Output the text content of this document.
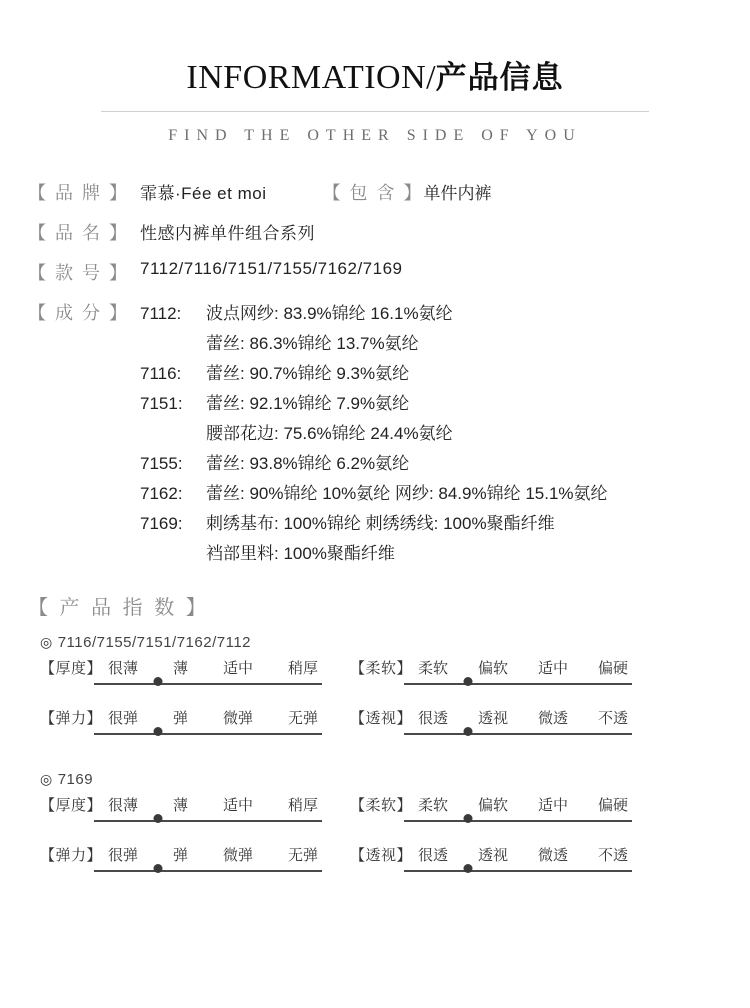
INFORMATION/产品信息
FIND THE OTHER SIDE OF YOU
【 品 牌 】 霏慕·Fée et moi	【 包 含 】 单件内裤
【 品 名 】 性感内裤单件组合系列
【 款 号 】 7112/7116/7151/7155/7162/7169
【 成 分 】 7112:	波点网纱: 83.9%锦纶 16.1%氨纶
蕾丝: 86.3%锦纶 13.7%氨纶
7116:	蕾丝: 90.7%锦纶 9.3%氨纶
7151:	蕾丝: 92.1%锦纶 7.9%氨纶
腰部花边: 75.6%锦纶 24.4%氨纶
7155:	蕾丝: 93.8%锦纶 6.2%氨纶
7162:	蕾丝: 90%锦纶 10%氨纶 网纱: 84.9%锦纶 15.1%氨纶
7169:	刺绣基布: 100%锦纶 刺绣绣线: 100%聚酯纤维
裆部里料: 100%聚酯纤维
【 产 品 指 数 】
◎ 7116/7155/7151/7162/7112
【厚度】 很薄 薄 适中 稍厚
【弹力】 很弹 弹 微弹 无弹
【柔软】 柔软 偏软 适中 偏硬
【透视】 很透 透视 微透 不透
◎ 7169
【厚度】 很薄 薄 适中 稍厚
【弹力】 很弹 弹 微弹 无弹
【柔软】 柔软 偏软 适中 偏硬
【透视】 很透 透视 微透 不透
